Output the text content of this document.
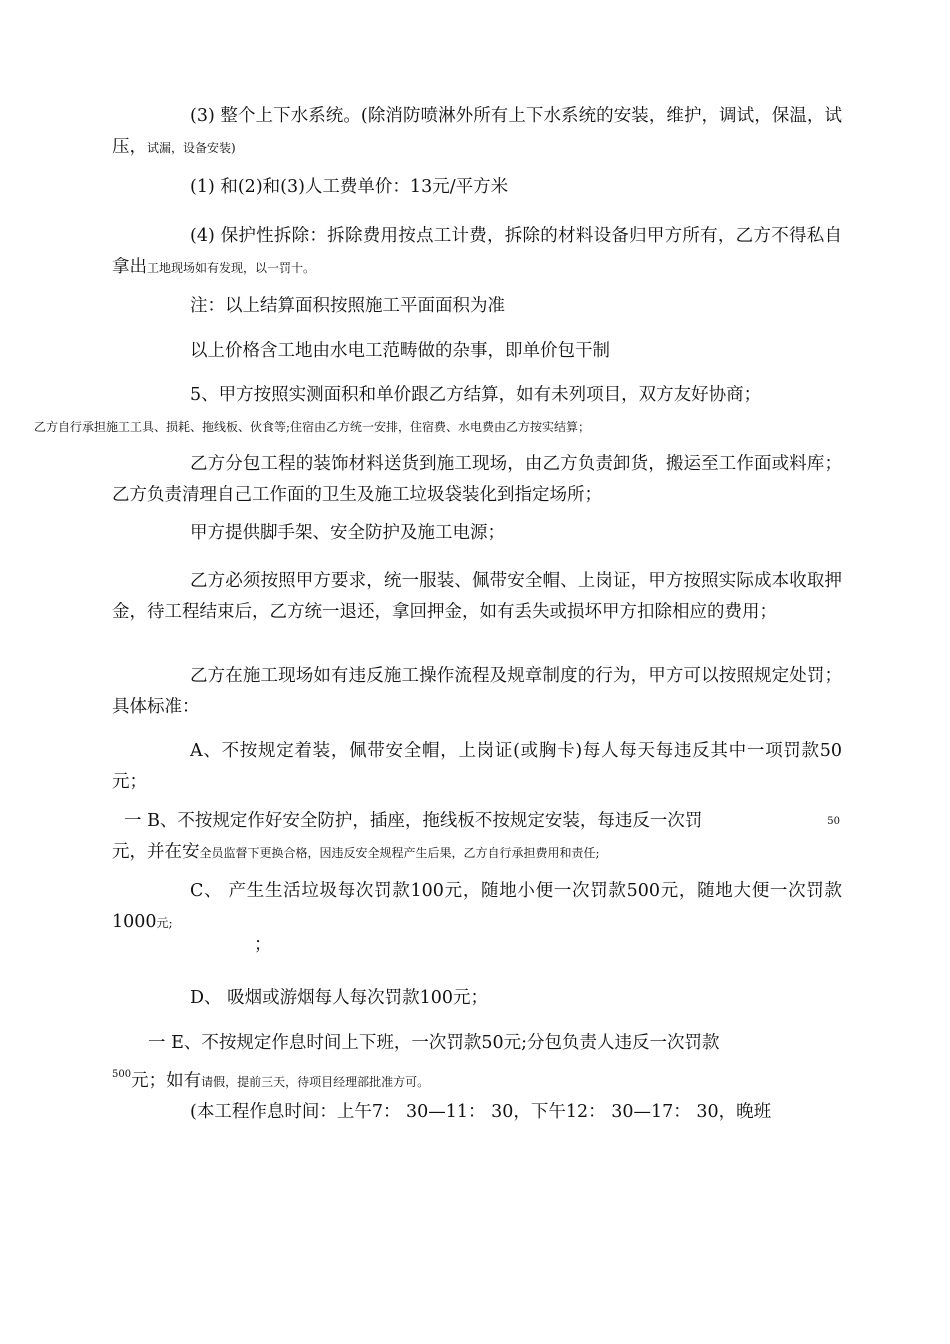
(3) 整个上下水系统。(除消防喷淋外所有上下水系统的安装，维护，调试，保温，试压，试漏，设备安装)
(1) 和(2)和(3)人工费单价：13元/平方米
(4) 保护性拆除：拆除费用按点工计费，拆除的材料设备归甲方所有，乙方不得私自拿出工地现场如有发现，以一罚十。
注：以上结算面积按照施工平面面积为准
以上价格含工地由水电工范畴做的杂事，即单价包干制
5、甲方按照实测面积和单价跟乙方结算，如有未列项目，双方友好协商；
乙方自行承担施工工具、损耗、拖线板、伙食等;住宿由乙方统一安排，住宿费、水电费由乙方按实结算；
乙方分包工程的装饰材料送货到施工现场，由乙方负责卸货，搬运至工作面或料库；乙方负责清理自己工作面的卫生及施工垃圾袋装化到指定场所；
甲方提供脚手架、安全防护及施工电源；
乙方必须按照甲方要求，统一服装、佩带安全帽、上岗证，甲方按照实际成本收取押金，待工程结束后，乙方统一退还，拿回押金，如有丢失或损坏甲方扣除相应的费用；
乙方在施工现场如有违反施工操作流程及规章制度的行为，甲方可以按照规定处罚；具体标准：
A、不按规定着装，佩带安全帽，上岗证(或胸卡)每人每天每违反其中一项罚款50元；
50
一 B、不按规定作好安全防护，插座，拖线板不按规定安装，每违反一次罚
元，并在安全员监督下更换合格，因违反安全规程产生后果，乙方自行承担费用和责任;
C、 产生生活垃圾每次罚款100元，随地小便一次罚款500元，随地大便一次罚款1000元;
；
D、 吸烟或游烟每人每次罚款100元；
一 E、不按规定作息时间上下班，一次罚款50元;分包负责人违反一次罚款
$^{500}$元；如有请假，提前三天，待项目经理部批准方可。
(本工程作息时间：上午7： 30—11： 30，下午12： 30—17： 30，晚班
